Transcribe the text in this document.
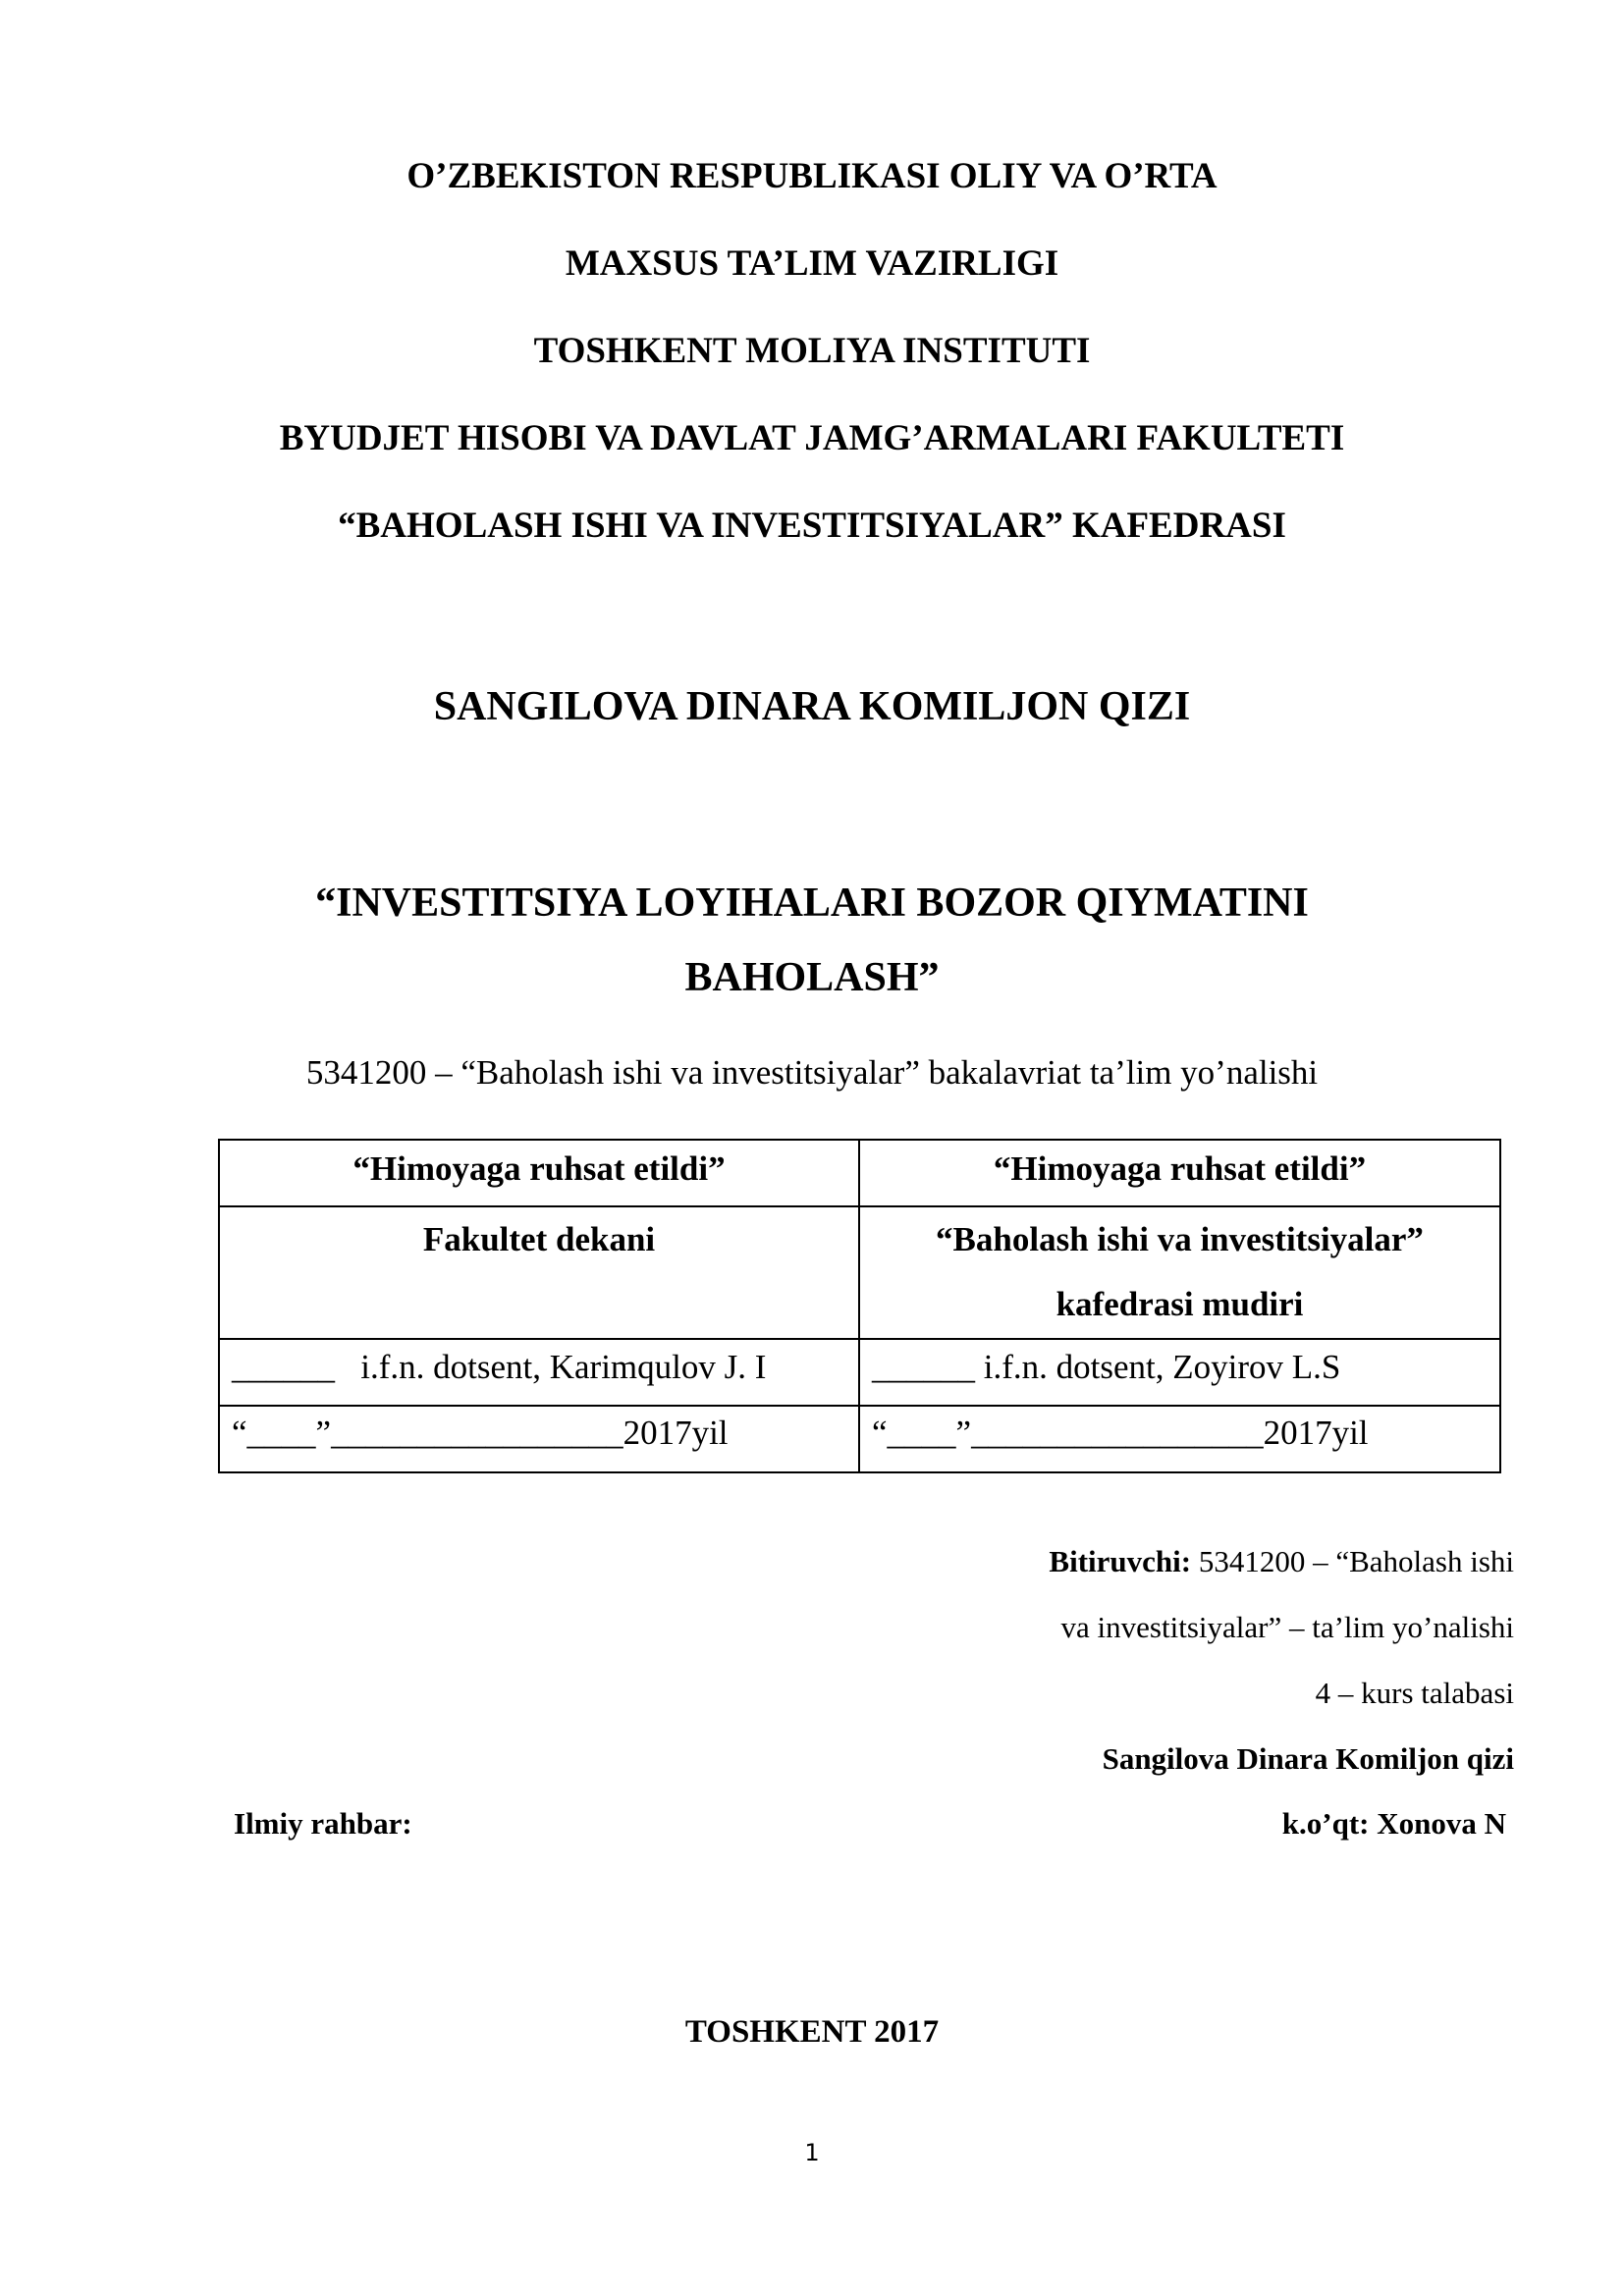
O’ZBEKISTON RESPUBLIKASI OLIY VA O’RTA
MAXSUS TA’LIM VAZIRLIGI
TOSHKENT MOLIYA INSTITUTI
BYUDJET HISOBI VA DAVLAT JAMG’ARMALARI FAKULTETI
“BAHOLASH ISHI VA INVESTITSIYALAR” KAFEDRASI
SANGILOVA DINARA KOMILJON QIZI
“INVESTITSIYA LOYIHALARI BOZOR QIYMATINI
BAHOLASH”
5341200 – “Baholash ishi va investitsiyalar” bakalavriat ta’lim yo’nalishi
“Himoyaga ruhsat etildi”	“Himoyaga ruhsat etildi”

Fakultet dekani	“Baholash ishi va investitsiyalar”
kafedrasi mudiri

______   i.f.n. dotsent, Karimqulov J. I	______ i.f.n. dotsent, Zoyirov L.S
“____”_________________2017yil	“____”_________________2017yil
Bitiruvchi: 5341200 – “Baholash ishi
va investitsiyalar” – ta’lim yo’nalishi
4 – kurs talabasi
Sangilova Dinara Komiljon qizi
Ilmiy rahbar:	k.o’qt: Xonova N
TOSHKENT 2017
1
